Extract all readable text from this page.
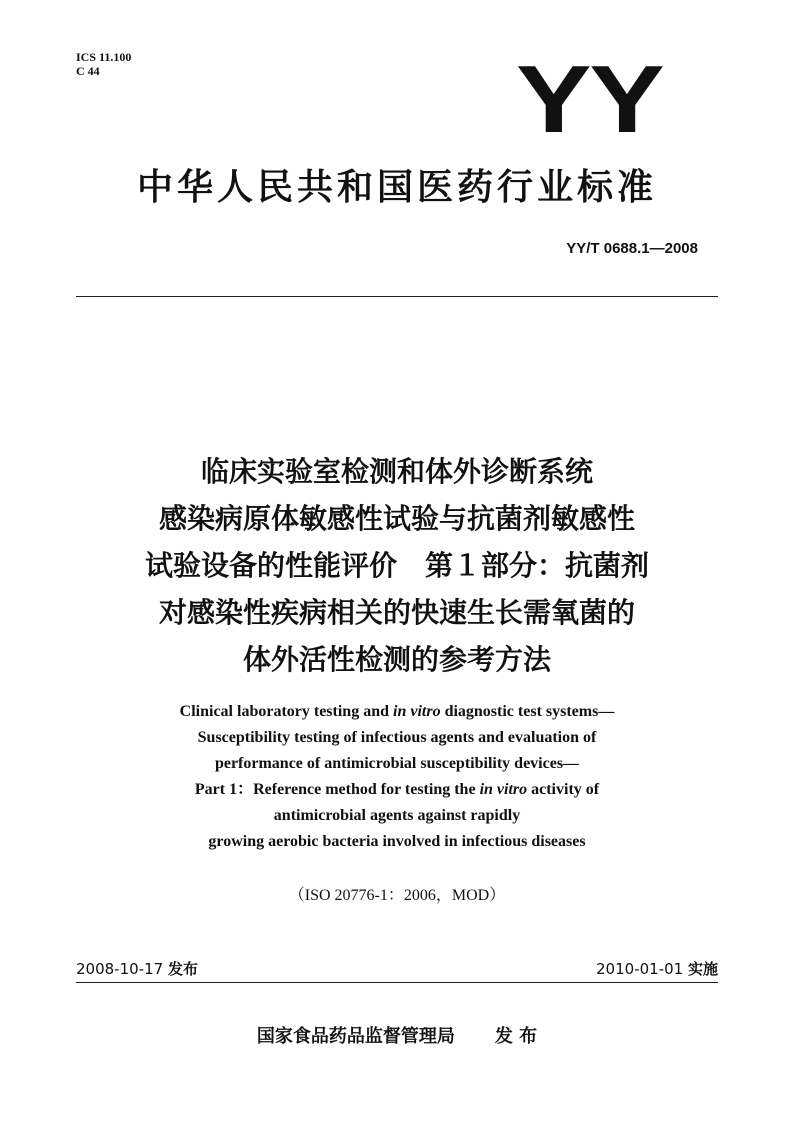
ICS 11.100
C 44	YY
中华人民共和国医药行业标准
YY/T 0688.1—2008
临床实验室检测和体外诊断系统
感染病原体敏感性试验与抗菌剂敏感性
试验设备的性能评价　第１部分：抗菌剂
对感染性疾病相关的快速生长需氧菌的
体外活性检测的参考方法
Clinical laboratory testing and in vitro diagnostic test systems—
Susceptibility testing of infectious agents and evaluation of
performance of antimicrobial susceptibility devices—
Part 1：Reference method for testing the in vitro activity of
antimicrobial agents against rapidly
growing aerobic bacteria involved in infectious diseases
（ISO 20776-1：2006，MOD）
2008-10-17 发布	2010-01-01 实施
国家食品药品监督管理局 发 布
